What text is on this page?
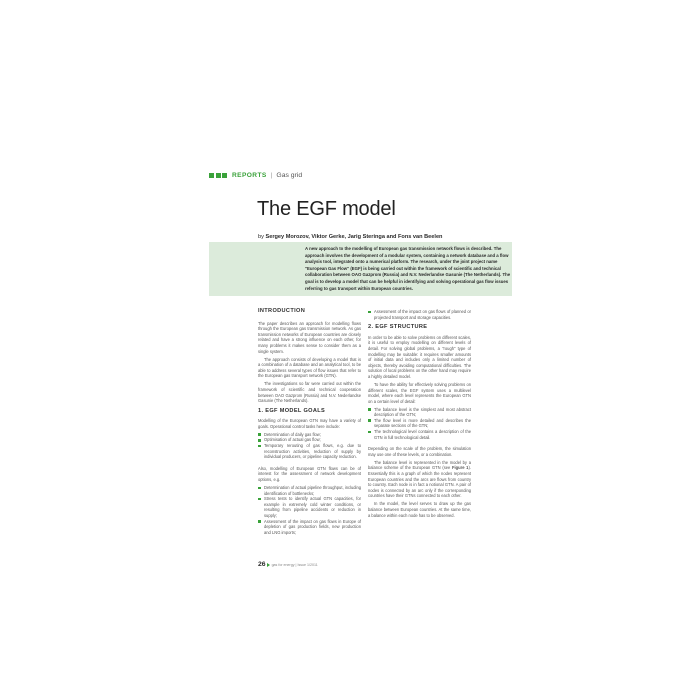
REPORTS | Gas grid
The EGF model
by Sergey Morozov, Viktor Gerke, Jarig Steringa and Fons van Beelen
A new approach to the modelling of European gas transmission network flows is described. The approach involves the development of a modular system, containing a network database and a flow analysis tool, integrated onto a numerical platform. The research, under the joint project name "European Gas Flow" (EGF) is being carried out within the framework of scientific and technical collaboration between OAO Gazprom (Russia) and N.V. Nederlandse Gasunie (The Netherlands). The goal is to develop a model that can be helpful in identifying and solving operational gas flow issues referring to gas transport within European countries.
INTRODUCTION

The paper describes an approach for modelling flows through the European gas transmission network. As gas transmission networks of European countries are closely related and have a strong influence on each other, for many problems it makes sense to consider them as a single system.

The approach consists of developing a model that is a combination of a database and an analytical tool, to be able to address several types of flow issues that refer to the European gas transport network (GTN).

The investigations so far were carried out within the framework of scientific and technical cooperation between OAO Gazprom (Russia) and N.V. Nederlandse Gasunie (The Netherlands).

1. EGF MODEL GOALS

Modelling of the European GTN may have a variety of goals. Operational control tasks here include:

Determination of daily gas flow;
Optimisation of actual gas flow;
Temporary rerouting of gas flows, e.g. due to reconstruction activities, reduction of supply by individual producers, or pipeline capacity reduction.

Also, modelling of European GTN flows can be of interest for the assessment of network development options, e.g.

Determination of actual pipeline throughput, including identification of bottlenecks;
Stress tests to identify actual GTN capacities, for example in extremely cold winter conditions, or resulting from pipeline accidents or reduction in supply;
Assessment of the impact on gas flows in Europe of depletion of gas production fields, new production and LNG imports;
Assessment of the impact on gas flows of planned or projected transport and storage capacities.
2. EGF STRUCTURE

In order to be able to solve problems on different scales, it is useful to employ modelling on different levels of detail. For solving global problems, a "rough" type of modelling may be suitable: it requires smaller amounts of initial data and includes only a limited number of objects, thereby avoiding computational difficulties. The solution of local problems on the other hand may require a highly detailed model.

To have the ability for effectively solving problems on different scales, the EGF system uses a multilevel model, where each level represents the European GTN on a certain level of detail:

The balance level is the simplest and most abstract description of the GTN;
The flow level is more detailed and describes the separate sections of the GTN;
The technological level contains a description of the GTN in full technological detail.

Depending on the scale of the problem, the simulation may use one of these levels, or a combination.

The balance level is represented in the model by a balance scheme of the European GTN (see Figure 1). Essentially this is a graph of which the nodes represent European countries and the arcs are flows from country to country. Each node is in fact a notional GTN. A pair of nodes is connected by an arc only if the corresponding countries have their GTNs connected to each other.

In the model, the level serves to draw up the gas balance between European countries. At the same time, a balance within each node has to be observed.

26 gas for energy | Issue 1/2011
